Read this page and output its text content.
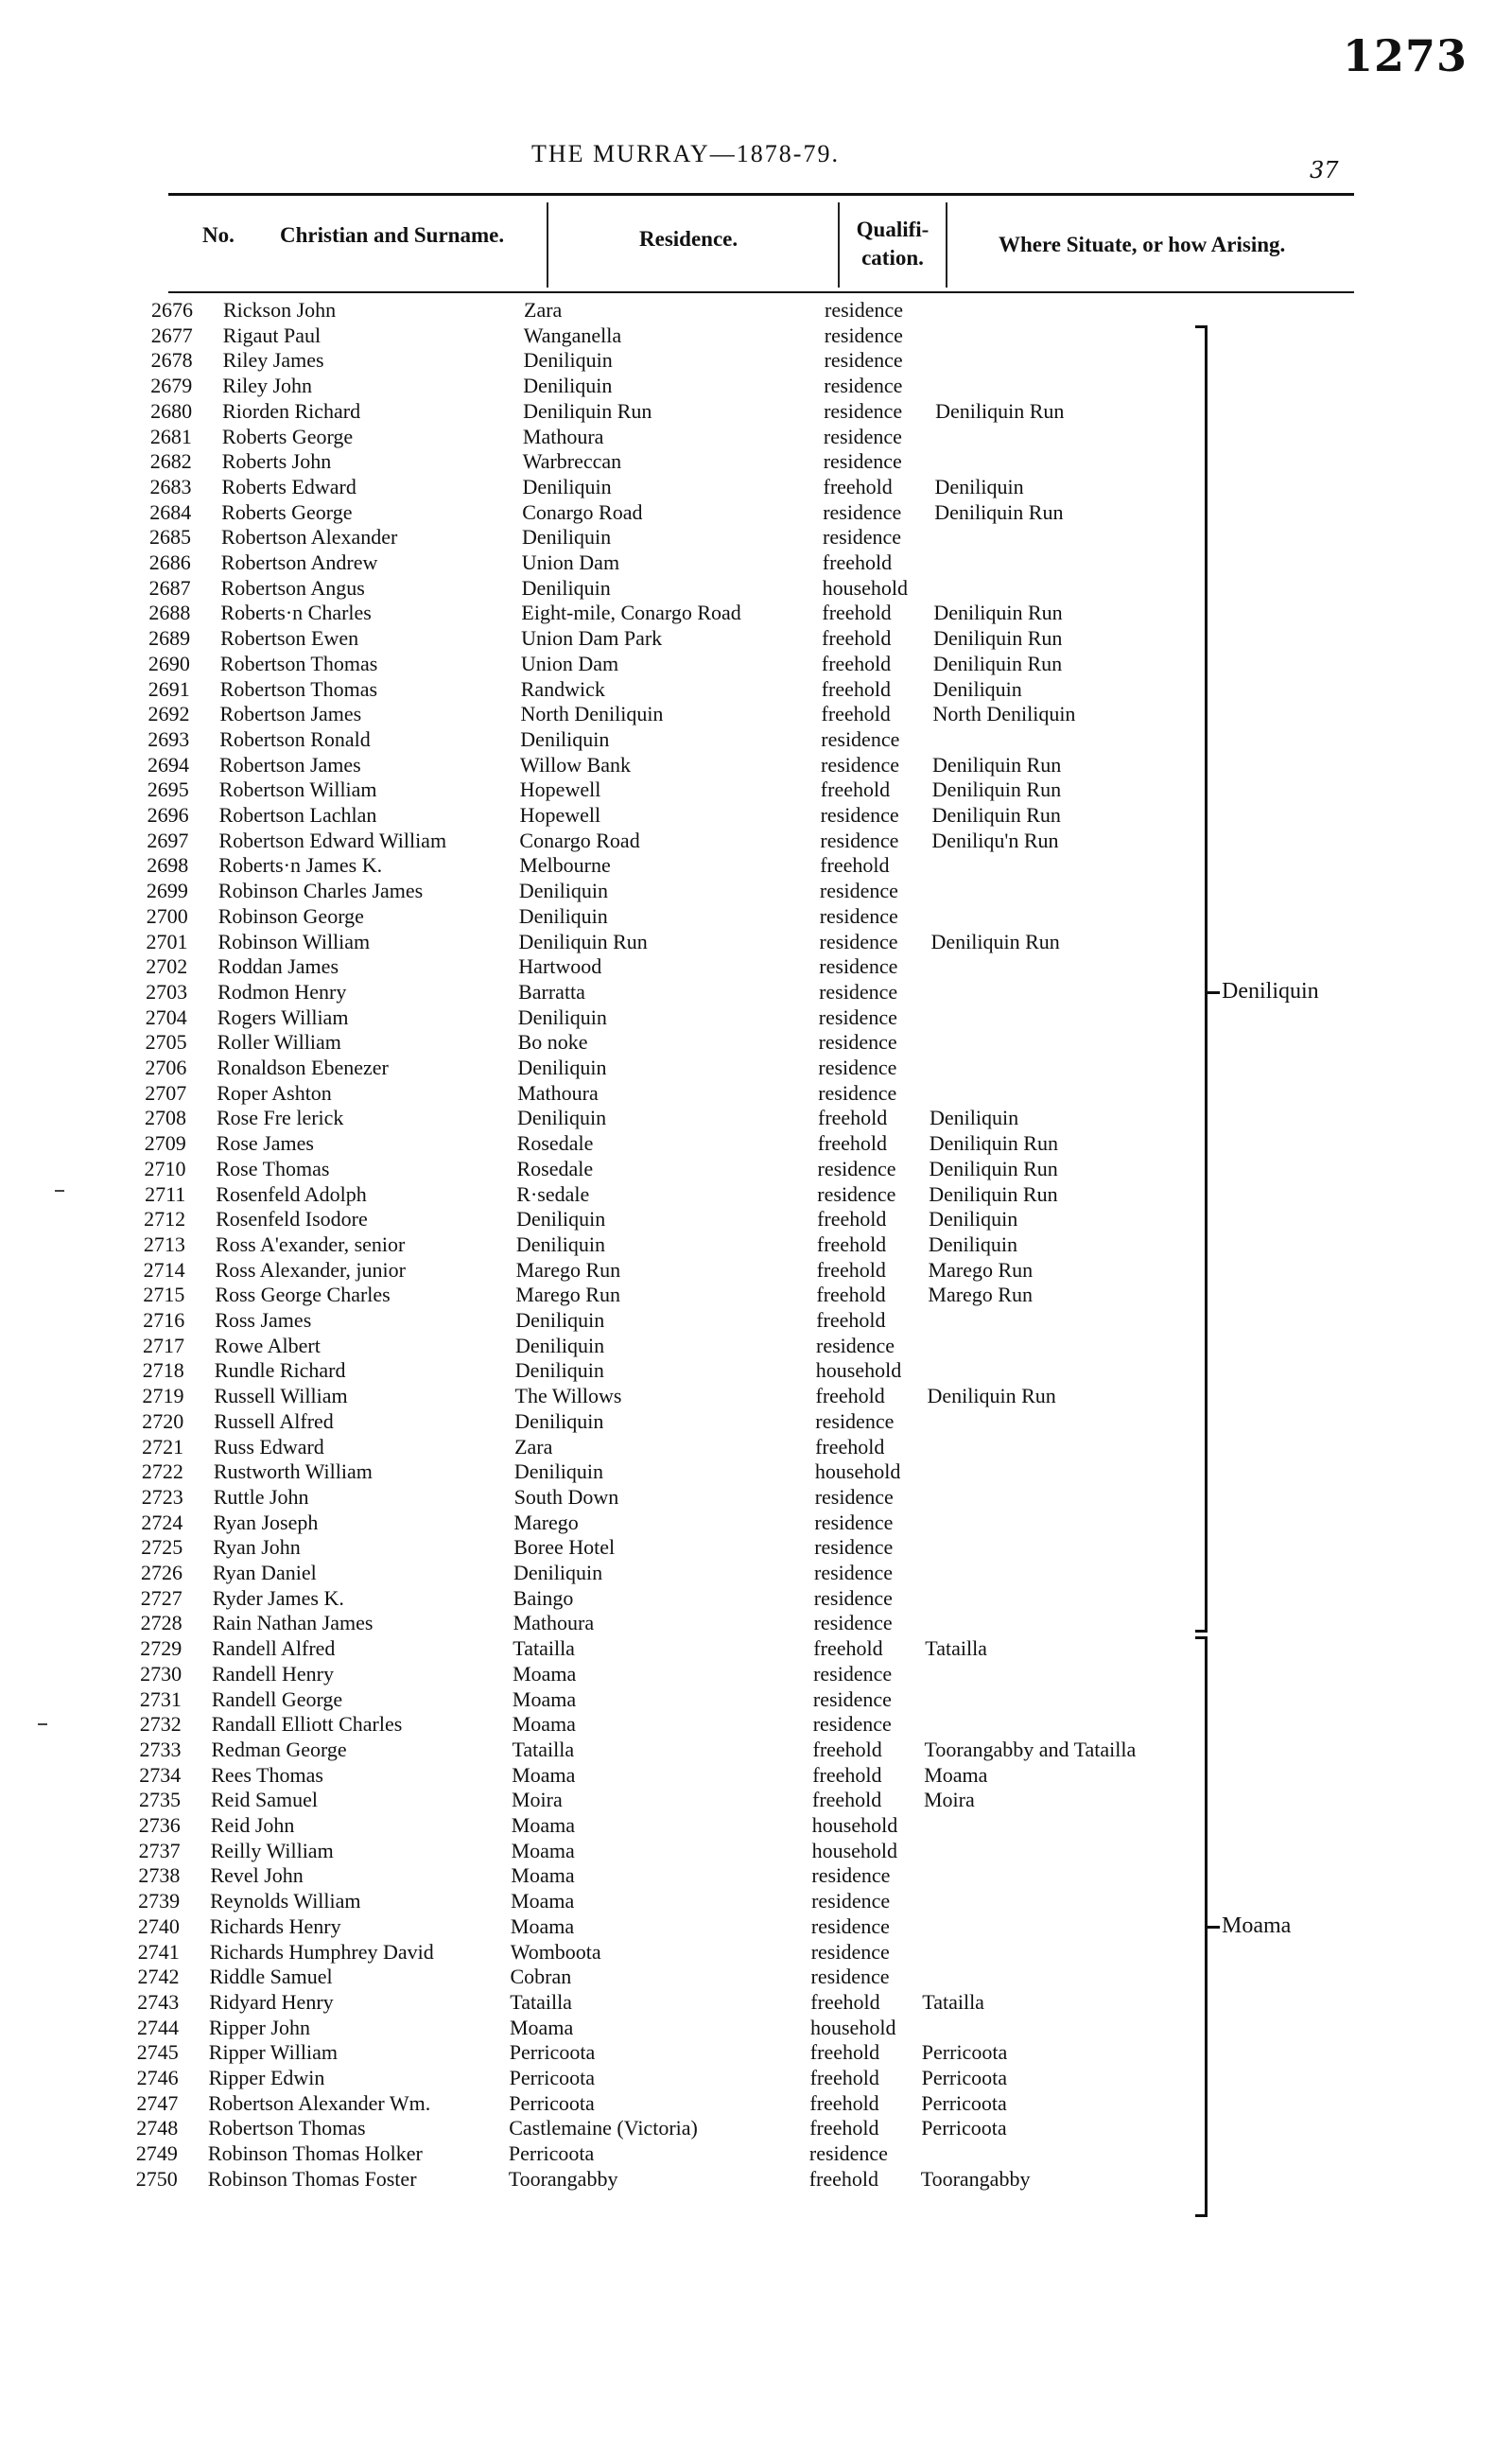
1273
THE MURRAY—1878-79.
37
No. Christian and Surname.	Residence.	Qualifi-
cation.
Where Situate, or how Arising.
2676 Rickson John	Zara	residence
2677 Rigaut Paul	Wanganella	residence
2678 Riley James	Deniliquin	residence
2679 Riley John	Deniliquin	residence
2680 Riorden Richard	Deniliquin Run	residence Deniliquin Run
2681 Roberts George	Mathoura	residence
2682 Roberts John	Warbreccan	residence
2683 Roberts Edward	Deniliquin	freehold Deniliquin
2684 Roberts George	Conargo Road	residence Deniliquin Run
2685 Robertson Alexander	Deniliquin	residence
2686 Robertson Andrew	Union Dam	freehold
2687 Robertson Angus	Deniliquin	household
2688 Roberts·n Charles	Eight-mile, Conargo Road	freehold Deniliquin Run
2689 Robertson Ewen	Union Dam Park	freehold Deniliquin Run
2690 Robertson Thomas	Union Dam	freehold Deniliquin Run
2691 Robertson Thomas	Randwick	freehold Deniliquin
2692 Robertson James	North Deniliquin	freehold North Deniliquin
2693 Robertson Ronald	Deniliquin	residence
2694 Robertson James	Willow Bank	residence Deniliquin Run
2695 Robertson William	Hopewell	freehold Deniliquin Run
2696 Robertson Lachlan	Hopewell	residence Deniliquin Run
2697 Robertson Edward William	Conargo Road	residence Deniliqu'n Run
2698 Roberts·n James K.	Melbourne	freehold
2699 Robinson Charles James	Deniliquin	residence
2700 Robinson George	Deniliquin	residence
2701 Robinson William	Deniliquin Run	residence Deniliquin Run
2702 Roddan James	Hartwood	residence
2703 Rodmon Henry	Barratta	residence
2704 Rogers William	Deniliquin	residence
2705 Roller William	Bo noke	residence
2706 Ronaldson Ebenezer	Deniliquin	residence
2707 Roper Ashton	Mathoura	residence
2708 Rose Fre lerick	Deniliquin	freehold Deniliquin
2709 Rose James	Rosedale	freehold Deniliquin Run
2710 Rose Thomas	Rosedale	residence Deniliquin Run
2711 Rosenfeld Adolph	R·sedale	residence Deniliquin Run
2712 Rosenfeld Isodore	Deniliquin	freehold Deniliquin
2713 Ross A'exander, senior	Deniliquin	freehold Deniliquin
2714 Ross Alexander, junior	Marego Run	freehold Marego Run
2715 Ross George Charles	Marego Run	freehold Marego Run
2716 Ross James	Deniliquin	freehold
2717 Rowe Albert	Deniliquin	residence
2718 Rundle Richard	Deniliquin	household
2719 Russell William	The Willows	freehold Deniliquin Run
2720 Russell Alfred	Deniliquin	residence
2721 Russ Edward	Zara	freehold
2722 Rustworth William	Deniliquin	household
2723 Ruttle John	South Down	residence
2724 Ryan Joseph	Marego	residence
2725 Ryan John	Boree Hotel	residence
2726 Ryan Daniel	Deniliquin	residence
2727 Ryder James K.	Baingo	residence
2728 Rain Nathan James	Mathoura	residence
2729 Randell Alfred	Tatailla	freehold Tatailla
2730 Randell Henry	Moama	residence
2731 Randell George	Moama	residence
2732 Randall Elliott Charles	Moama	residence
2733 Redman George	Tataillа	freehold Toorangabby and Tataillа
2734 Rees Thomas	Moama	freehold Moama
2735 Reid Samuel	Moira	freehold Moira
2736 Reid John	Moama	household
2737 Reilly William	Moama	household
2738 Revel John	Moama	residence
2739 Reynolds William	Moama	residence
2740 Richards Henry	Moama	residence
2741 Richards Humphrey David	Womboota	residence
2742 Riddle Samuel	Cobran	residence
2743 Ridyard Henry	Tataillа	freehold Tataillа
2744 Ripper John	Moama	household
2745 Ripper William	Perricoota	freehold Perricoota
2746 Ripper Edwin	Perricoota	freehold Perricoota
2747 Robertson Alexander Wm.	Perricoota	freehold Perricoota
2748 Robertson Thomas	Castlemaine (Victoria)	freehold Perricoota
2749 Robinson Thomas Holker	Perricoota	residence
2750 Robinson Thomas Foster	Toorangabby	freehold Toorangabby
Deniliquin
Moama
